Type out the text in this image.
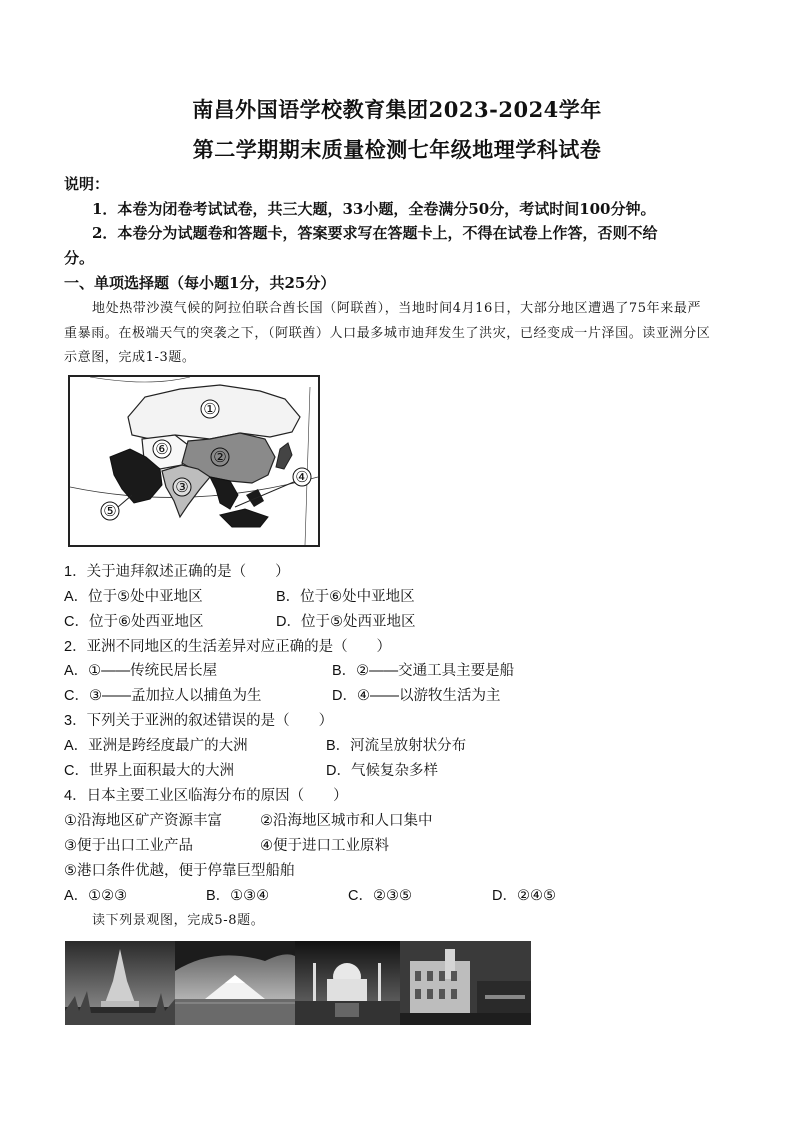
南昌外国语学校教育集团2023-2024学年
第二学期期末质量检测七年级地理学科试卷
说明：
1．本卷为闭卷考试试卷，共三大题，33小题，全卷满分50分，考试时间100分钟。
2．本卷分为试题卷和答题卡，答案要求写在答题卡上，不得在试卷上作答，否则不给
分。
一、单项选择题（每小题1分，共25分）
地处热带沙漠气候的阿拉伯联合酋长国（阿联酋），当地时间4月16日，大部分地区遭遇了75年来最严
重暴雨。在极端天气的突袭之下，（阿联酋）人口最多城市迪拜发生了洪灾，已经变成一片泽国。读亚洲分区
示意图，完成1-3题。
①
②
③
④
⑤
⑥
1．关于迪拜叙述正确的是（　　）
A．位于⑤处中亚地区	B．位于⑥处中亚地区
C．位于⑥处西亚地区	D．位于⑤处西亚地区
2．亚洲不同地区的生活差异对应正确的是（　　）
A．①——传统民居长屋	B．②——交通工具主要是船
C．③——孟加拉人以捕鱼为生	D．④——以游牧生活为主
3．下列关于亚洲的叙述错误的是（　　）
A．亚洲是跨经度最广的大洲	B．河流呈放射状分布
C．世界上面积最大的大洲	D．气候复杂多样
4．日本主要工业区临海分布的原因（　　）
①沿海地区矿产资源丰富	②沿海地区城市和人口集中
③便于出口工业产品	④便于进口工业原料
⑤港口条件优越，便于停靠巨型船舶
A．①②③	B．①③④	C．②③⑤	D．②④⑤
读下列景观图，完成5-8题。
